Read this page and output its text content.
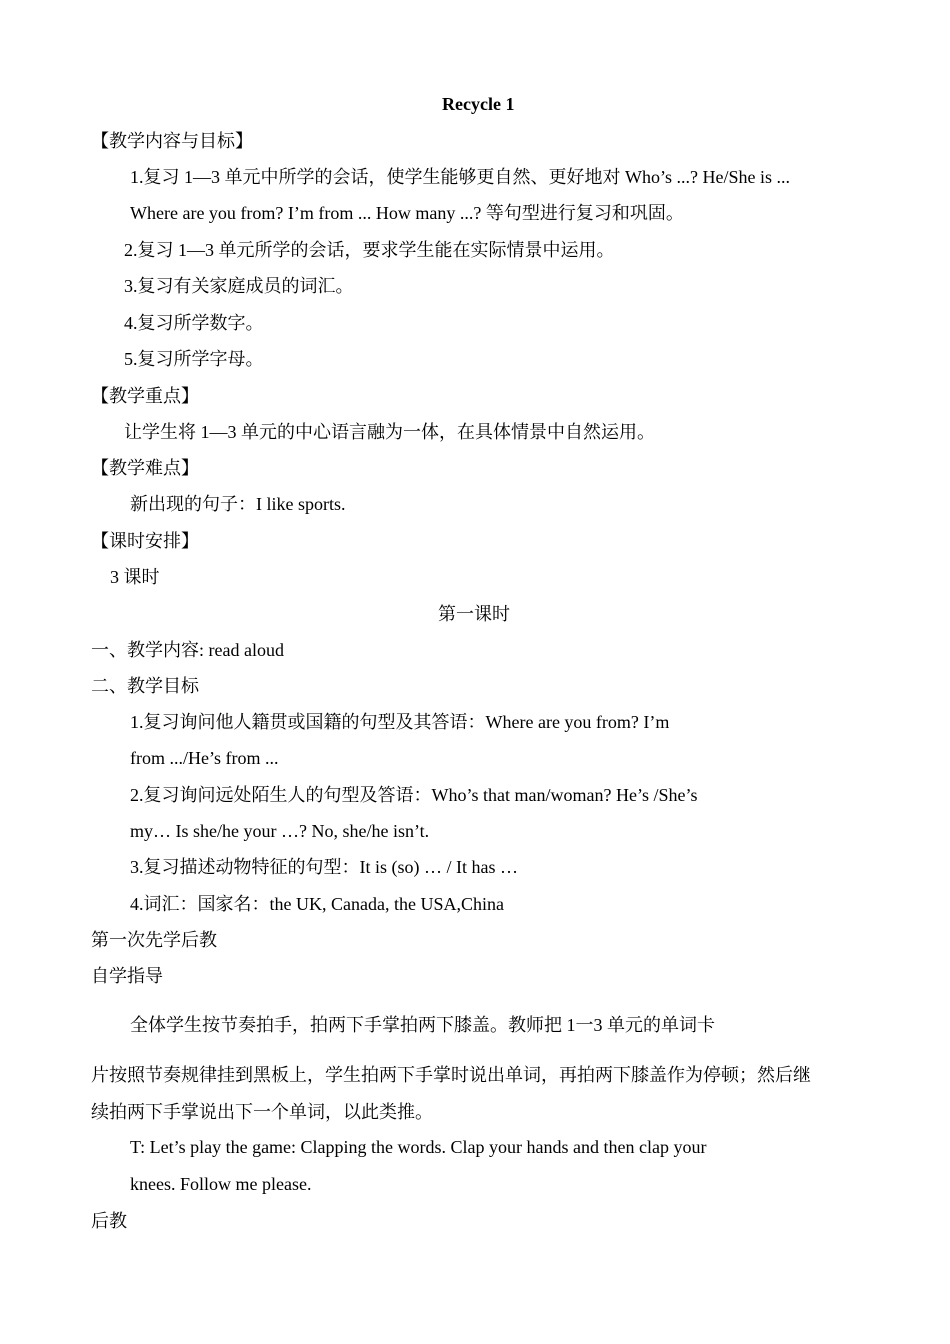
Recycle 1
【教学内容与目标】
1.复习 1—3 单元中所学的会话，使学生能够更自然、更好地对 Who’s ...? He/She is ...
Where are you from? I’m from ... How many ...? 等句型进行复习和巩固。
2.复习 1—3 单元所学的会话，要求学生能在实际情景中运用。
3.复习有关家庭成员的词汇。
4.复习所学数字。
5.复习所学字母。
【教学重点】
让学生将 1—3 单元的中心语言融为一体，在具体情景中自然运用。
【教学难点】
新出现的句子：I like sports.
【课时安排】
3 课时
第一课时
一、教学内容: read aloud
二、教学目标
1.复习询问他人籍贯或国籍的句型及其答语：Where are you from? I’m
from .../He’s from ...
2.复习询问远处陌生人的句型及答语：Who’s that man/woman? He’s /She’s
my… Is she/he your …? No, she/he isn’t.
3.复习描述动物特征的句型：It is (so) … / It has …
4.词汇：国家名：the UK, Canada, the USA,China
第一次先学后教
自学指导
全体学生按节奏拍手，拍两下手掌拍两下膝盖。教师把 1一3 单元的单词卡
片按照节奏规律挂到黑板上，学生拍两下手掌时说出单词，再拍两下膝盖作为停顿；然后继
续拍两下手掌说出下一个单词，以此类推。
T: Let’s play the game: Clapping the words. Clap your hands and then clap your
knees. Follow me please.
后教
